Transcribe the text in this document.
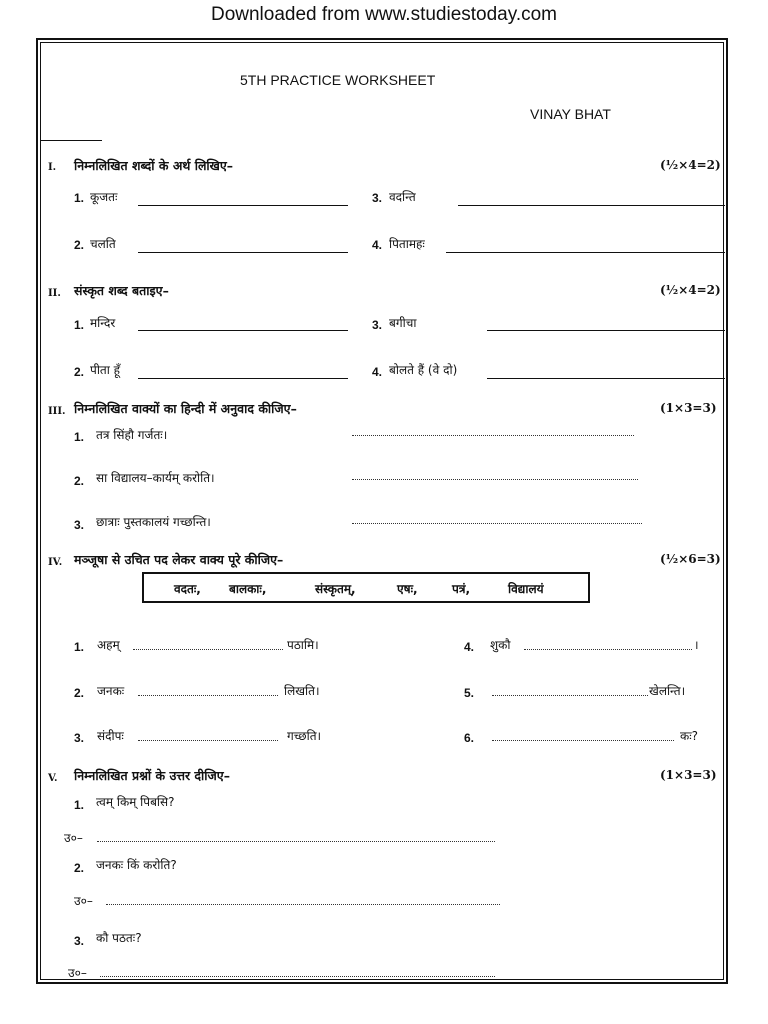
Downloaded from www.studiestoday.com
5TH PRACTICE WORKSHEET
VINAY BHAT
I. निम्नलिखित शब्दों के अर्थ लिखिए–	(½×4=2)
1. कूजतः	3. वदन्ति
2. चलति	4. पितामहः
II. संस्कृत शब्द बताइए–	(½×4=2)
1. मन्दिर	3. बगीचा
2. पीता हूँ	4. बोलते हैं (वे दो)
III. निम्नलिखित वाक्यों का हिन्दी में अनुवाद कीजिए–	(1×3=3)
1. तत्र सिंहौ गर्जतः।
2. सा विद्यालय–कार्यम् करोति।
3. छात्राः पुस्तकालयं गच्छन्ति।
IV. मञ्जूषा से उचित पद लेकर वाक्य पूरे कीजिए–	(½×6=3)
वदतः, बालकाः,	संस्कृतम्,	एषः,	पत्रं,	विद्यालयं
1. अहम्	पठामि।	4. शुकौ	।
2. जनकः	लिखति।	5.	खेलन्ति।
3. संदीपः	गच्छति।	6.	कः?
V. निम्नलिखित प्रश्नों के उत्तर दीजिए–	(1×3=3)
1. त्वम् किम् पिबसि?
उ०–
2. जनकः किं करोति?
उ०–
3. कौ पठतः?
उ०–
